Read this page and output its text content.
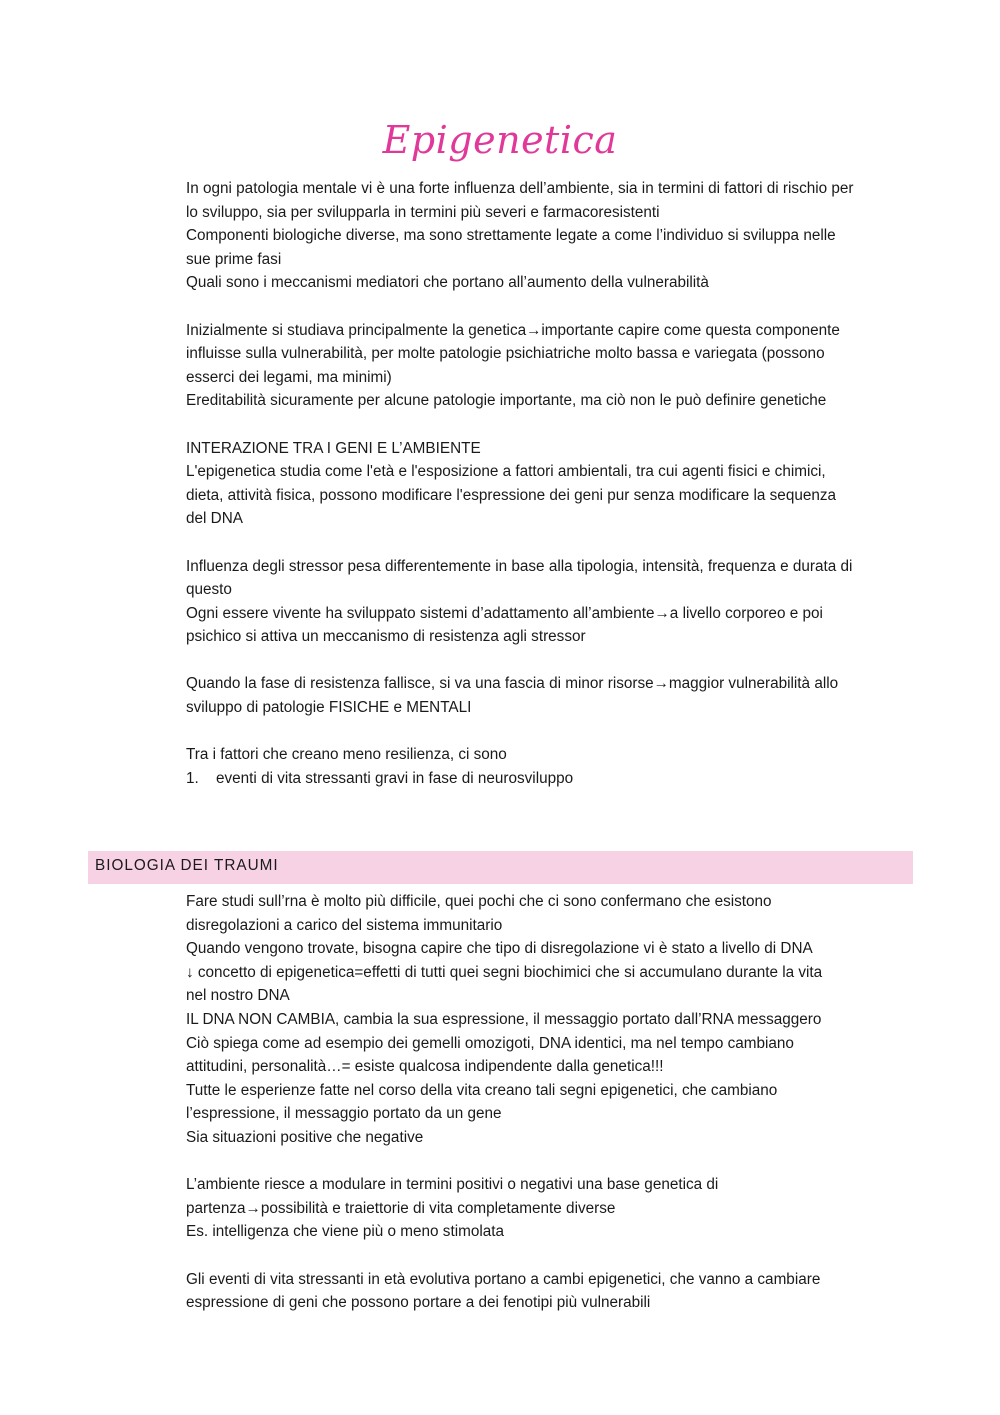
Epigenetica

In ogni patologia mentale vi è una forte influenza dell’ambiente, sia in termini di fattori di rischio per

lo sviluppo, sia per svilupparla in termini più severi e farmacoresistenti

Componenti biologiche diverse, ma sono strettamente legate a come l’individuo si sviluppa nelle

sue prime fasi

Quali sono i meccanismi mediatori che portano all’aumento della vulnerabilità

Inizialmente si studiava principalmente la genetica→importante capire come questa componente

influisse sulla vulnerabilità, per molte patologie psichiatriche molto bassa e variegata (possono

esserci dei legami, ma minimi)

Ereditabilità sicuramente per alcune patologie importante, ma ciò non le può definire genetiche

INTERAZIONE TRA I GENI E L’AMBIENTE

L'epigenetica studia come l'età e l'esposizione a fattori ambientali, tra cui agenti fisici e chimici,

dieta, attività fisica, possono modificare l'espressione dei geni pur senza modificare la sequenza

del DNA

Influenza degli stressor pesa differentemente in base alla tipologia, intensità, frequenza e durata di

questo

Ogni essere vivente ha sviluppato sistemi d’adattamento all’ambiente→a livello corporeo e poi

psichico si attiva un meccanismo di resistenza agli stressor

Quando la fase di resistenza fallisce, si va una fascia di minor risorse→maggior vulnerabilità allo

sviluppo di patologie FISICHE e MENTALI

Tra i fattori che creano meno resilienza, ci sono

1.	eventi di vita stressanti gravi in fase di neurosviluppo
BIOLOGIA DEI TRAUMI

Fare studi sull’rna è molto più difficile, quei pochi che ci sono confermano che esistono

disregolazioni a carico del sistema immunitario

Quando vengono trovate, bisogna capire che tipo di disregolazione vi è stato a livello di DNA

↓ concetto di epigenetica=effetti di tutti quei segni biochimici che si accumulano durante la vita

nel nostro DNA

IL DNA NON CAMBIA, cambia la sua espressione, il messaggio portato dall’RNA messaggero

Ciò spiega come ad esempio dei gemelli omozigoti, DNA identici, ma nel tempo cambiano

attitudini, personalità…= esiste qualcosa indipendente dalla genetica!!!

Tutte le esperienze fatte nel corso della vita creano tali segni epigenetici, che cambiano

l’espressione, il messaggio portato da un gene

Sia situazioni positive che negative

L’ambiente riesce a modulare in termini positivi o negativi una base genetica di

partenza→possibilità e traiettorie di vita completamente diverse

Es. intelligenza che viene più o meno stimolata

Gli eventi di vita stressanti in età evolutiva portano a cambi epigenetici, che vanno a cambiare

espressione di geni che possono portare a dei fenotipi più vulnerabili
